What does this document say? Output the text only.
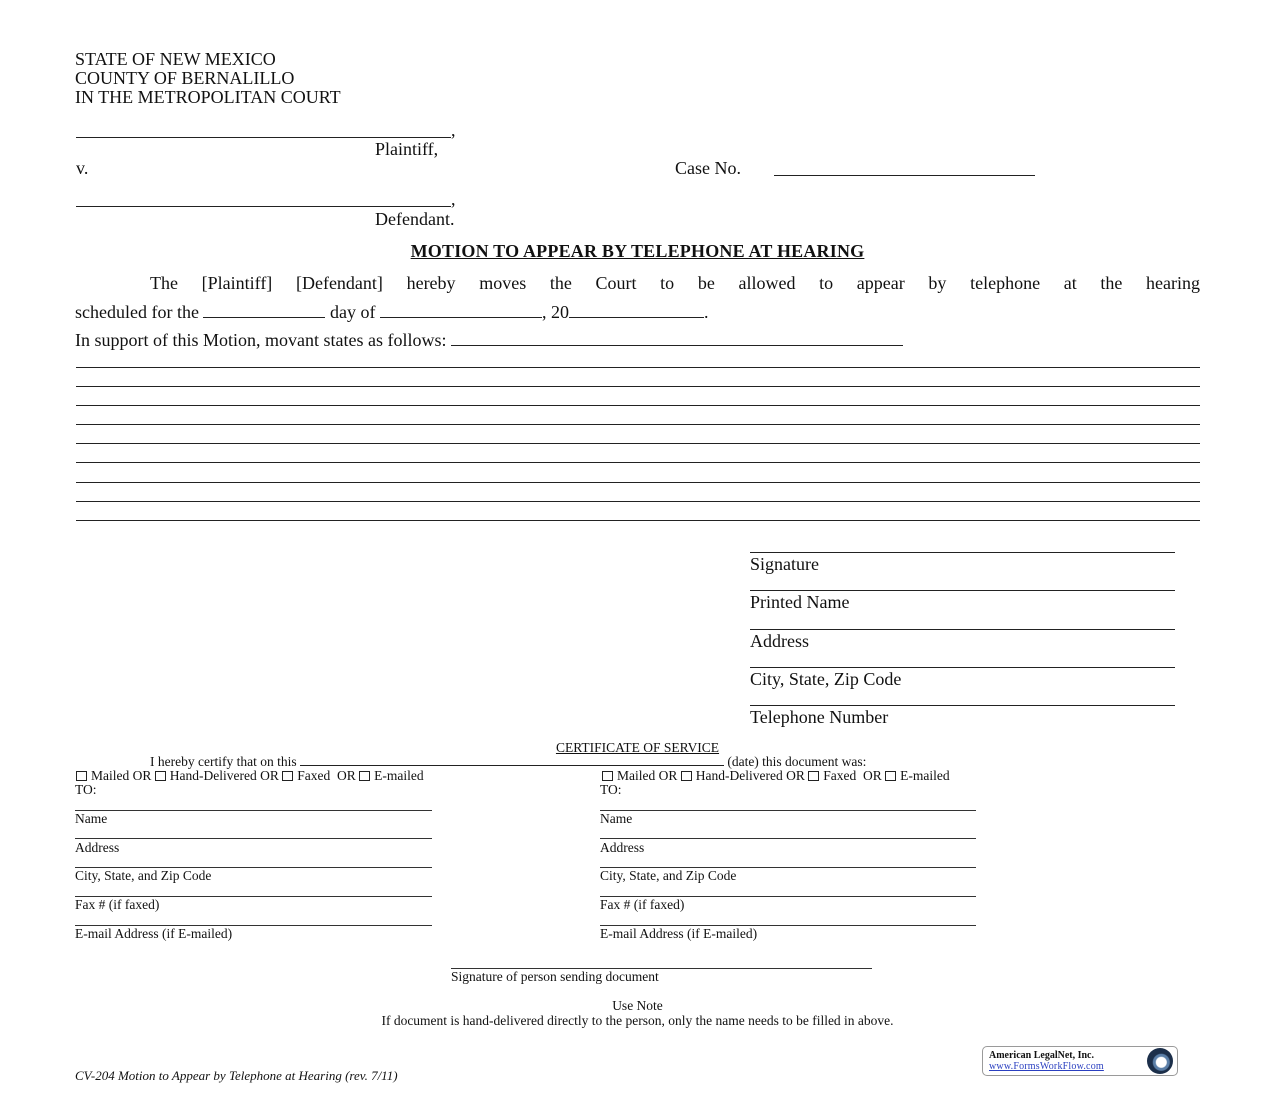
STATE OF NEW MEXICO
COUNTY OF BERNALILLO
IN THE METROPOLITAN COURT
,
Plaintiff,
v.	Case No.
,
Defendant.
MOTION TO APPEAR BY TELEPHONE AT HEARING
The [Plaintiff] [Defendant] hereby moves the Court to be allowed to appear by telephone at the hearing
scheduled for the	day of	, 20	.
In support of this Motion, movant states as follows:
Signature
Printed Name
Address
City, State, Zip Code
Telephone Number
CERTIFICATE OF SERVICE
I hereby certify that on this	(date) this document was:
Mailed OR Hand-Delivered OR Faxed  OR E-mailed
TO:
Mailed OR Hand-Delivered OR Faxed  OR E-mailed
TO:
Name
Address
City, State, and Zip Code
Fax # (if faxed)
E-mail Address (if E-mailed)
Name
Address
City, State, and Zip Code
Fax # (if faxed)
E-mail Address (if E-mailed)
Signature of person sending document
Use Note
If document is hand-delivered directly to the person, only the name needs to be filled in above.
CV-204 Motion to Appear by Telephone at Hearing (rev. 7/11)
American LegalNet, Inc.
www.FormsWorkFlow.com
